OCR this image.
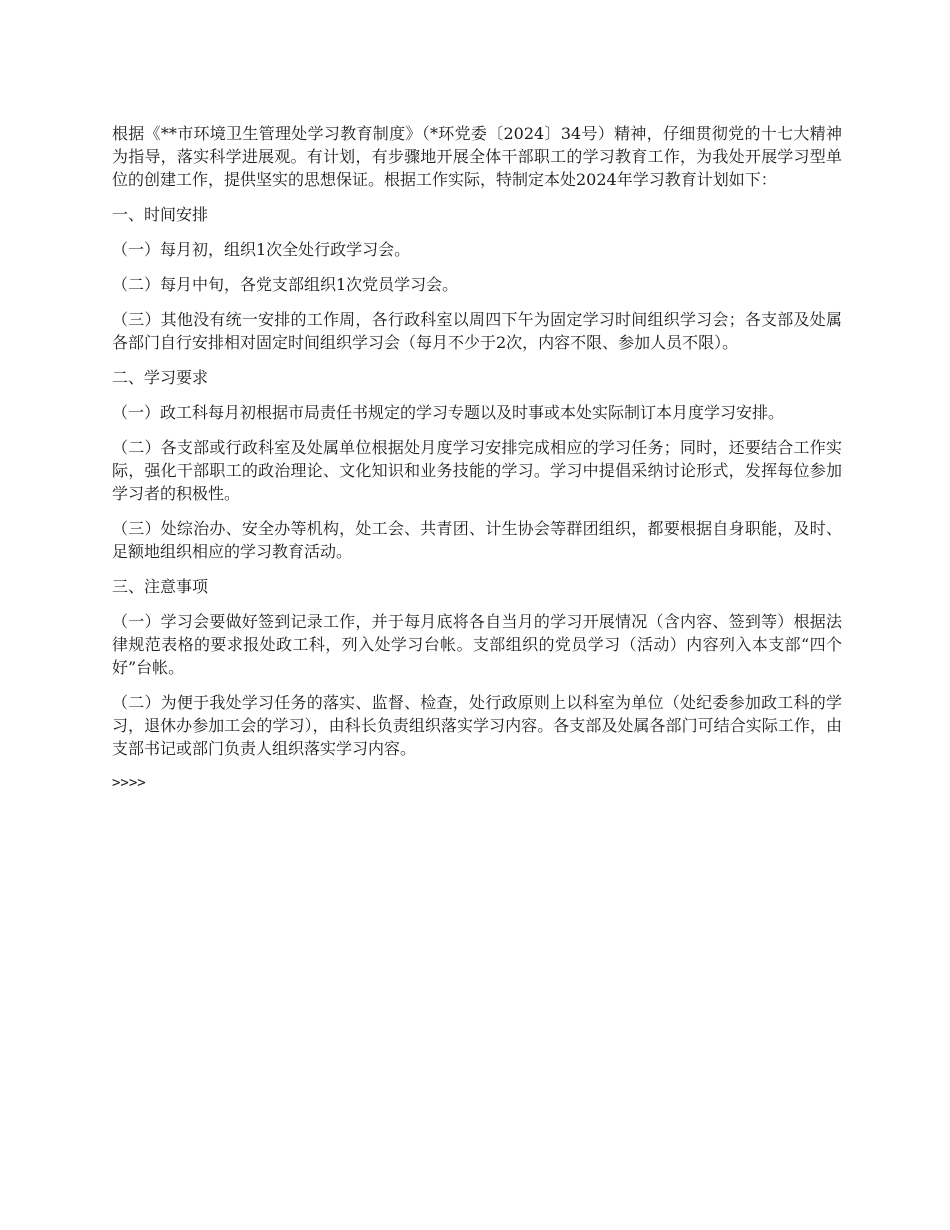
根据《**市环境卫生管理处学习教育制度》（*环党委〔2024〕34号）精神，仔细贯彻党的十七大精神为指导，落实科学进展观。有计划，有步骤地开展全体干部职工的学习教育工作，为我处开展学习型单位的创建工作，提供坚实的思想保证。根据工作实际，特制定本处2024年学习教育计划如下：

一、时间安排

（一）每月初，组织1次全处行政学习会。

（二）每月中旬，各党支部组织1次党员学习会。

（三）其他没有统一安排的工作周，各行政科室以周四下午为固定学习时间组织学习会；各支部及处属各部门自行安排相对固定时间组织学习会（每月不少于2次，内容不限、参加人员不限）。

二、学习要求

（一）政工科每月初根据市局责任书规定的学习专题以及时事或本处实际制订本月度学习安排。

（二）各支部或行政科室及处属单位根据处月度学习安排完成相应的学习任务；同时，还要结合工作实际，强化干部职工的政治理论、文化知识和业务技能的学习。学习中提倡采纳讨论形式，发挥每位参加学习者的积极性。

（三）处综治办、安全办等机构，处工会、共青团、计生协会等群团组织，都要根据自身职能，及时、足额地组织相应的学习教育活动。

三、注意事项

（一）学习会要做好签到记录工作，并于每月底将各自当月的学习开展情况（含内容、签到等）根据法律规范表格的要求报处政工科，列入处学习台帐。支部组织的党员学习（活动）内容列入本支部“四个好”台帐。

（二）为便于我处学习任务的落实、监督、检查，处行政原则上以科室为单位（处纪委参加政工科的学习，退休办参加工会的学习），由科长负责组织落实学习内容。各支部及处属各部门可结合实际工作，由支部书记或部门负责人组织落实学习内容。

>>>>
